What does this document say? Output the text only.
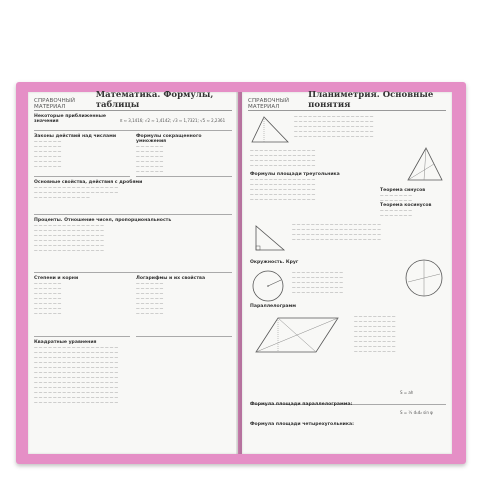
СПРАВОЧНЫЙ МАТЕРИАЛ
Математика. Формулы, таблицы
Некоторые приближенные значения	π ≈ 3,1416; √2 ≈ 1,4142; √3 ≈ 1,7321; √5 ≈ 2,2361
Законы действий над числами
— — — — — —
— — — — — —
— — — — — —
— — — — — —
— — — — — —
— — — — — —
Формулы сокращенного умножения
— — — — — —
— — — — — —
— — — — — —
— — — — — —
— — — — — —
— — — — — —
Основные свойства, действия с дробями
— — — — — — — — — — — — — — — — — —
— — — — — — — — — — — — — — — — — —
— — — — — — — — — — — —
Проценты. Отношение чисел, пропорциональность
— — — — — — — — — — — — — — —
— — — — — — — — — — — — — — —
— — — — — — — — — — — — — — —
— — — — — — — — — — — — — — —
— — — — — — — — — — — — — — —
— — — — — — — — — — — — — — —
Степени и корни
— — — — — —
— — — — — —
— — — — — —
— — — — — —
— — — — — —
— — — — — —
— — — — — —
Логарифмы и их свойства
— — — — — —
— — — — — —
— — — — — —
— — — — — —
— — — — — —
— — — — — —
— — — — — —
Квадратные уравнения
— — — — — — — — — — — — — — — — — —
— — — — — — — — — — — — — — — — — —
— — — — — — — — — — — — — — — — — —
— — — — — — — — — — — — — — — — — —
— — — — — — — — — — — — — — — — — —
— — — — — — — — — — — — — — — — — —
— — — — — — — — — — — — — — — — — —
— — — — — — — — — — — — — — — — — —
— — — — — — — — — — — — — — — — — —
— — — — — — — — — — — — — — — — — —
— — — — — — — — — — — — — — — — — —
— — — — — — — — — — — — — — — — — —
СПРАВОЧНЫЙ МАТЕРИАЛ
Планиметрия. Основные понятия
— — — — — — — — — — — — — — — — —
— — — — — — — — — — — — — — — — —
— — — — — — — — — — — — — — — — —
— — — — — — — — — — — — — — — — —
— — — — — — — — — — — — — — — — —
— — — — — — — — — — — — — —
— — — — — — — — — — — — — —
— — — — — — — — — — — — — —
— — — — — — — — — — — — — —
Формулы площади треугольника
— — — — — — — — — — — — — —
— — — — — — — — — — — — — —
— — — — — — — — — — — — — —
— — — — — — — — — — — — — —
— — — — — — — — — — — — — —
Теорема синусов
— — — — — — —
— — — — — — —
Теорема косинусов
— — — — — — —
— — — — — — —
— — — — — — — — — — — — — — — — — — —
— — — — — — — — — — — — — — — — — — —
— — — — — — — — — — — — — — — — — — —
— — — — — — — — — — — — — — — — — — —
Окружность. Круг
— — — — — — — — — — —
— — — — — — — — — — —
— — — — — — — — — — —
— — — — — — — — — — —
— — — — — — — — — — —
Параллелограмм
— — — — — — — — —
— — — — — — — — —
— — — — — — — — —
— — — — — — — — —
— — — — — — — — —
— — — — — — — — —
— — — — — — — — —
— — — — — — — — —
Формула площади параллелограмма:
S = ah
Формула площади четырехугольника:
S = ½ d₁d₂ sin φ
